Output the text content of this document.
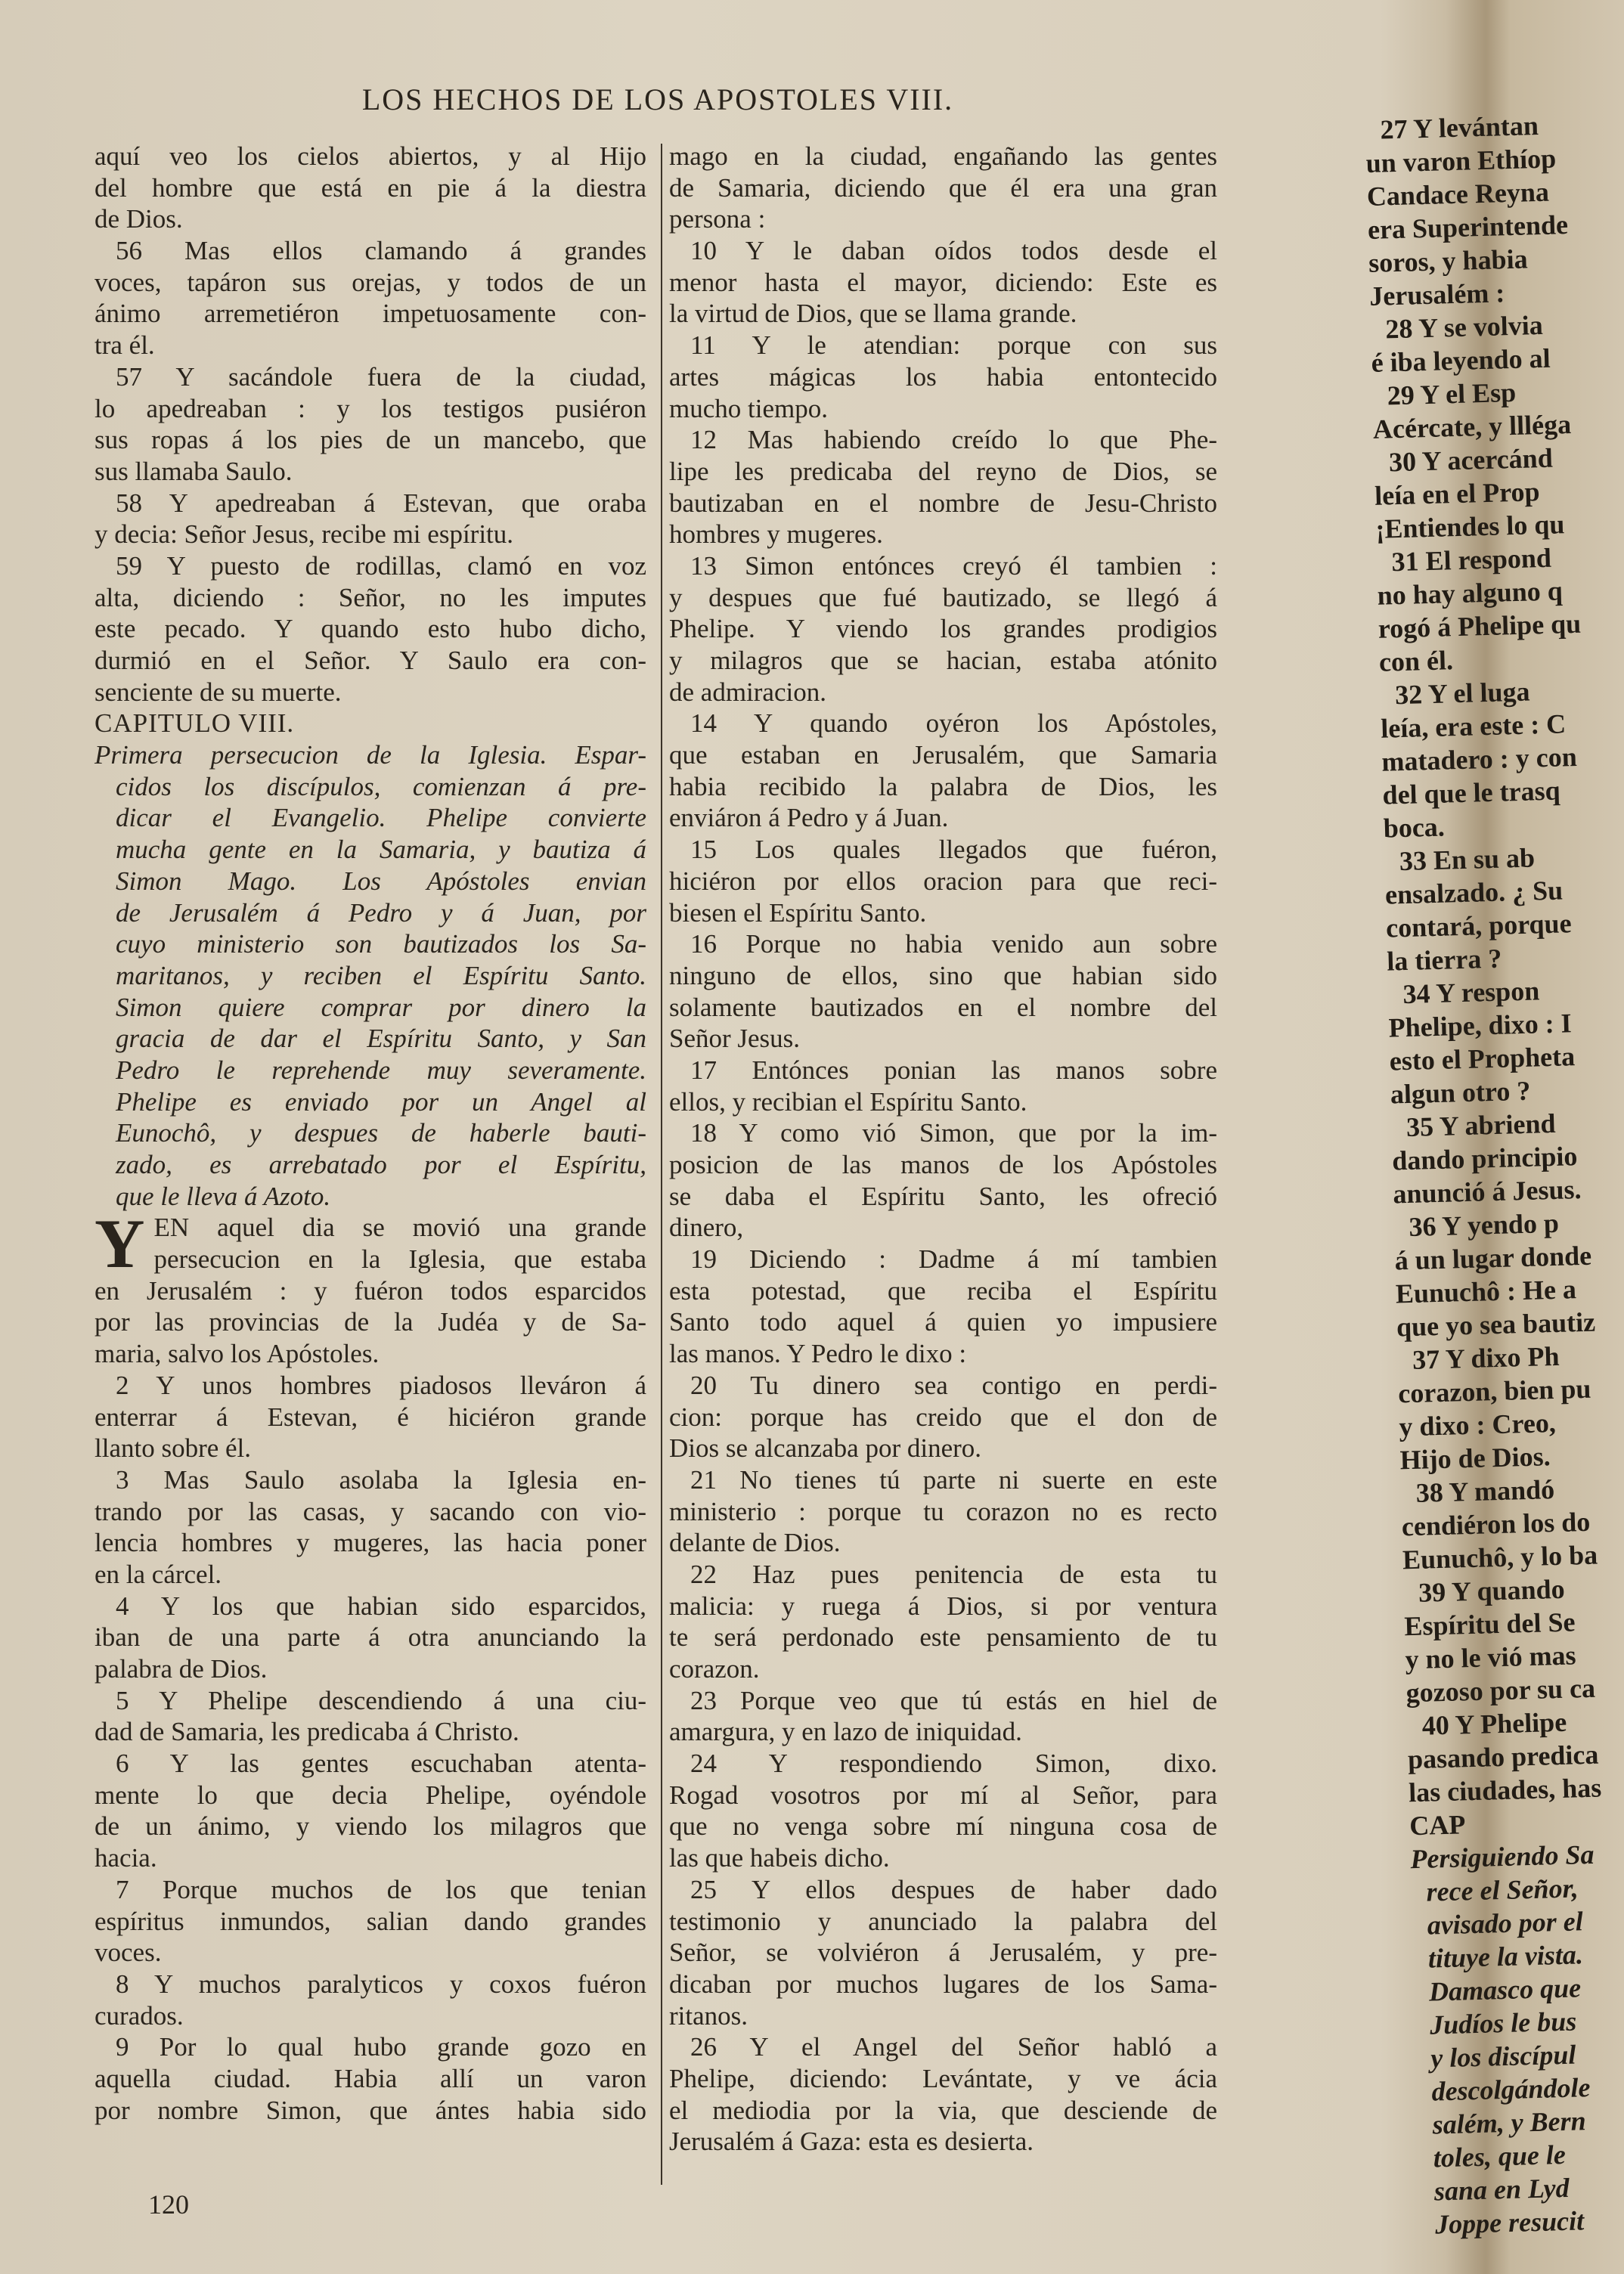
LOS HECHOS DE LOS APOSTOLES VIII.
aquí veo los cielos abiertos, y al Hijo
del hombre que está en pie á la diestra
de Dios.
56 Mas ellos clamando á grandes
voces, tapáron sus orejas, y todos de un
ánimo arremetiéron impetuosamente con-
tra él.
57 Y sacándole fuera de la ciudad,
lo apedreaban : y los testigos pusiéron
sus ropas á los pies de un mancebo, que
sus llamaba Saulo.
58 Y apedreaban á Estevan, que oraba
y decia: Señor Jesus, recibe mi espíritu.
59 Y puesto de rodillas, clamó en voz
alta, diciendo : Señor, no les imputes
este pecado. Y quando esto hubo dicho,
durmió en el Señor. Y Saulo era con-
senciente de su muerte.
CAPITULO VIII.
Primera persecucion de la Iglesia. Espar-
cidos los discípulos, comienzan á pre-
dicar el Evangelio. Phelipe convierte
mucha gente en la Samaria, y bautiza á
Simon Mago. Los Apóstoles envian
de Jerusalém á Pedro y á Juan, por
cuyo ministerio son bautizados los Sa-
maritanos, y reciben el Espíritu Santo.
Simon quiere comprar por dinero la
gracia de dar el Espíritu Santo, y San
Pedro le reprehende muy severamente.
Phelipe es enviado por un Angel al
Eunochô, y despues de haberle bauti-
zado, es arrebatado por el Espíritu,
que le lleva á Azoto.
Y EN aquel dia se movió una grande
persecucion en la Iglesia, que estaba
en Jerusalém : y fuéron todos esparcidos
por las provincias de la Judéa y de Sa-
maria, salvo los Apóstoles.
2 Y unos hombres piadosos lleváron á
enterrar á Estevan, é hiciéron grande
llanto sobre él.
3 Mas Saulo asolaba la Iglesia en-
trando por las casas, y sacando con vio-
lencia hombres y mugeres, las hacia poner
en la cárcel.
4 Y los que habian sido esparcidos,
iban de una parte á otra anunciando la
palabra de Dios.
5 Y Phelipe descendiendo á una ciu-
dad de Samaria, les predicaba á Christo.
6 Y las gentes escuchaban atenta-
mente lo que decia Phelipe, oyéndole
de un ánimo, y viendo los milagros que
hacia.
7 Porque muchos de los que tenian
espíritus inmundos, salian dando grandes
voces.
8 Y muchos paralyticos y coxos fuéron
curados.
9 Por lo qual hubo grande gozo en
aquella ciudad. Habia allí un varon
por nombre Simon, que ántes habia sido
mago en la ciudad, engañando las gentes
de Samaria, diciendo que él era una gran
persona :
10 Y le daban oídos todos desde el
menor hasta el mayor, diciendo: Este es
la virtud de Dios, que se llama grande.
11 Y le atendian: porque con sus
artes mágicas los habia entontecido
mucho tiempo.
12 Mas habiendo creído lo que Phe-
lipe les predicaba del reyno de Dios, se
bautizaban en el nombre de Jesu-Christo
hombres y mugeres.
13 Simon entónces creyó él tambien :
y despues que fué bautizado, se llegó á
Phelipe. Y viendo los grandes prodigios
y milagros que se hacian, estaba atónito
de admiracion.
14 Y quando oyéron los Apóstoles,
que estaban en Jerusalém, que Samaria
habia recibido la palabra de Dios, les
enviáron á Pedro y á Juan.
15 Los quales llegados que fuéron,
hiciéron por ellos oracion para que reci-
biesen el Espíritu Santo.
16 Porque no habia venido aun sobre
ninguno de ellos, sino que habian sido
solamente bautizados en el nombre del
Señor Jesus.
17 Entónces ponian las manos sobre
ellos, y recibian el Espíritu Santo.
18 Y como vió Simon, que por la im-
posicion de las manos de los Apóstoles
se daba el Espíritu Santo, les ofreció
dinero,
19 Diciendo : Dadme á mí tambien
esta potestad, que reciba el Espíritu
Santo todo aquel á quien yo impusiere
las manos. Y Pedro le dixo :
20 Tu dinero sea contigo en perdi-
cion: porque has creido que el don de
Dios se alcanzaba por dinero.
21 No tienes tú parte ni suerte en este
ministerio : porque tu corazon no es recto
delante de Dios.
22 Haz pues penitencia de esta tu
malicia: y ruega á Dios, si por ventura
te será perdonado este pensamiento de tu
corazon.
23 Porque veo que tú estás en hiel de
amargura, y en lazo de iniquidad.
24 Y respondiendo Simon, dixo.
Rogad vosotros por mí al Señor, para
que no venga sobre mí ninguna cosa de
las que habeis dicho.
25 Y ellos despues de haber dado
testimonio y anunciado la palabra del
Señor, se volviéron á Jerusalém, y pre-
dicaban por muchos lugares de los Sama-
ritanos.
26 Y el Angel del Señor habló a
Phelipe, diciendo: Levántate, y ve ácia
el mediodia por la via, que desciende de
Jerusalém á Gaza: esta es desierta.
120
27 Y levántan
un varon Ethíop
Candace Reyna
era Superintende
soros, y habia
Jerusalém :
28 Y se volvia
é iba leyendo al
29 Y el Esp
Acércate, y llléga
30 Y acercánd
leía en el Prop
¡Entiendes lo qu
31 El respond
no hay alguno q
rogó á Phelipe qu
con él.
32 Y el luga
leía, era este : C
matadero : y con
del que le trasq
boca.
33 En su ab
ensalzado. ¿ Su
contará, porque
la tierra ?
34 Y respon
Phelipe, dixo : I
esto el Propheta
algun otro ?
35 Y abriend
dando principio
anunció á Jesus.
36 Y yendo p
á un lugar donde
Eunuchô : He a
que yo sea bautiz
37 Y dixo Ph
corazon, bien pu
y dixo : Creo,
Hijo de Dios.
38 Y mandó
cendiéron los do
Eunuchô, y lo ba
39 Y quando
Espíritu del Se
y no le vió mas
gozoso por su ca
40 Y Phelipe
pasando predica
las ciudades, has
CAP
Persiguiendo Sa
rece el Señor,
avisado por el
tituye la vista.
Damasco que
Judíos le bus
y los discípul
descolgándole
salém, y Bern
toles, que le
sana en Lyd
Joppe resucit
